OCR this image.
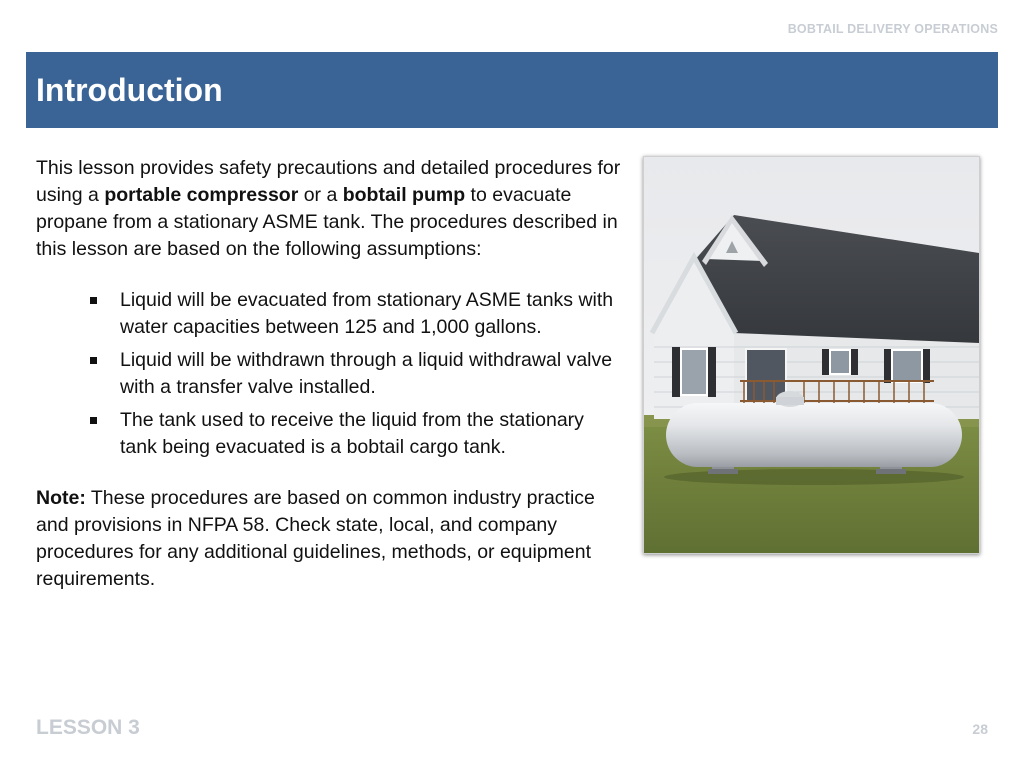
BOBTAIL DELIVERY OPERATIONS
Introduction

This lesson provides safety precautions and detailed procedures for using a portable compressor or a bobtail pump to evacuate propane from a stationary ASME tank. The procedures described in this lesson are based on the following assumptions:

Liquid will be evacuated from stationary ASME tanks with water capacities between 125 and 1,000 gallons.
Liquid will be withdrawn through a liquid withdrawal valve with a transfer valve installed.
The tank used to receive the liquid from the stationary tank being evacuated is a bobtail cargo tank.

Note: These procedures are based on common industry practice and provisions in NFPA 58. Check state, local, and company procedures for any additional guidelines, methods, or equipment requirements.

LESSON 3	28
